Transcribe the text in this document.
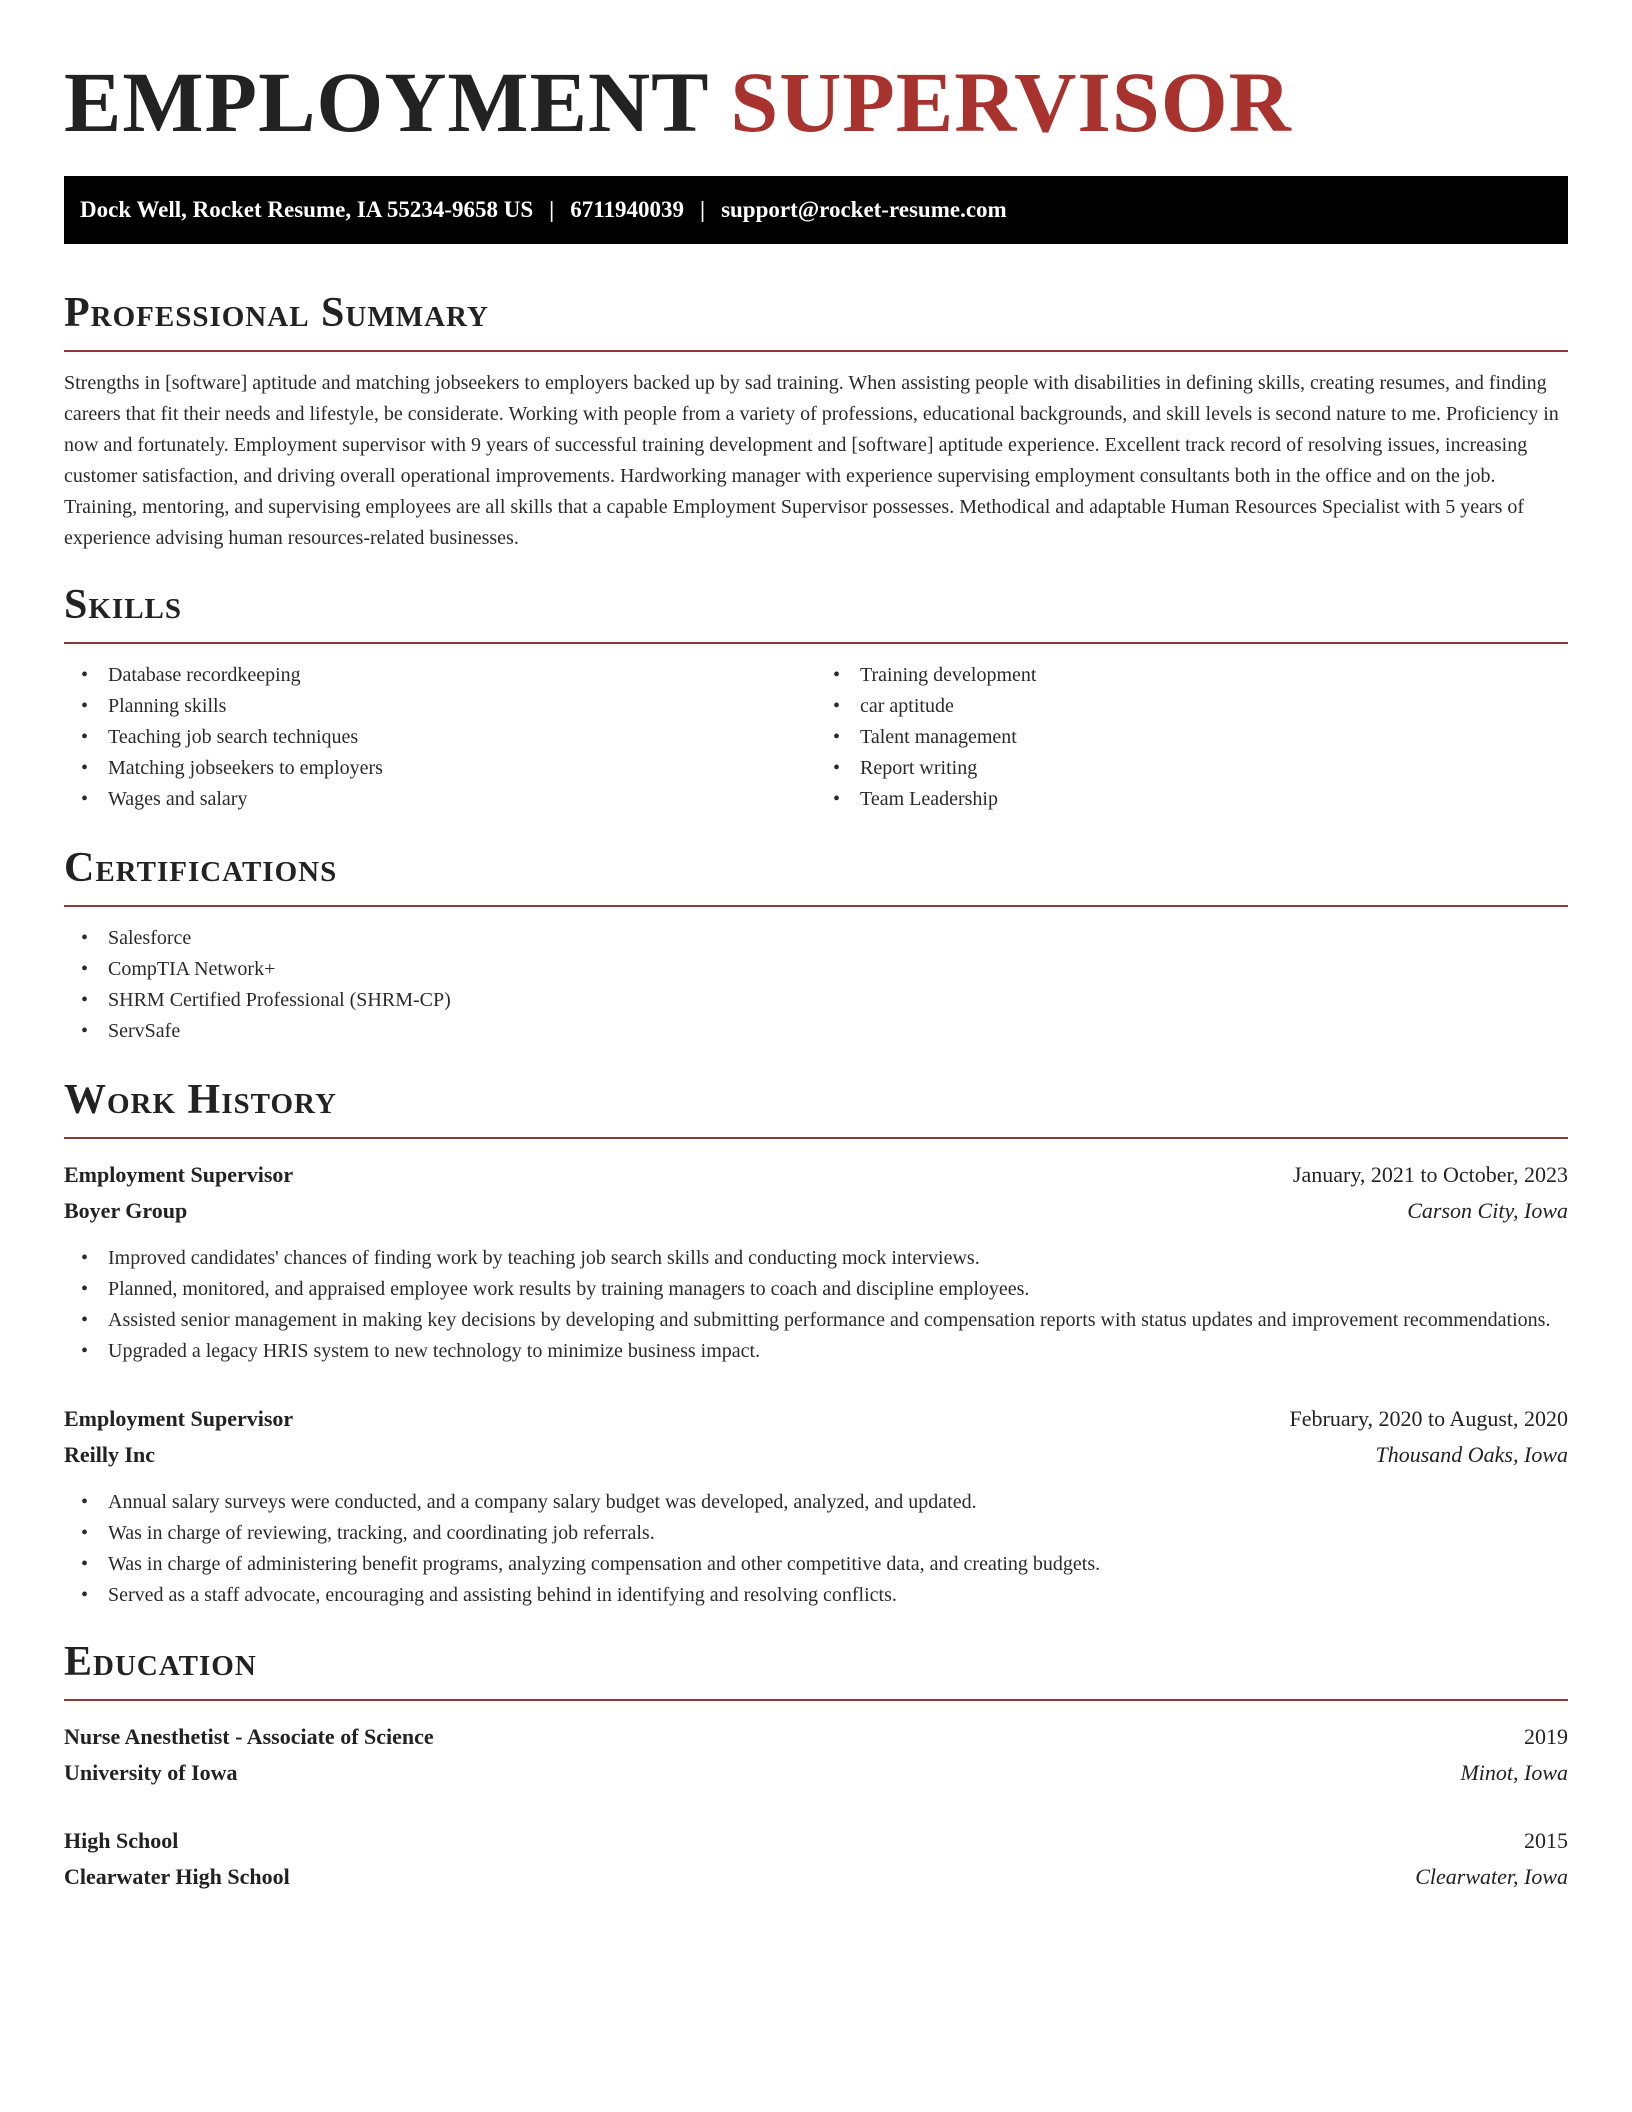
EMPLOYMENT SUPERVISOR
Dock Well, Rocket Resume, IA 55234-9658 US | 6711940039 | support@rocket-resume.com
Professional Summary

Strengths in [software] aptitude and matching jobseekers to employers backed up by sad training. When assisting people with disabilities in defining skills, creating resumes, and finding careers that fit their needs and lifestyle, be considerate. Working with people from a variety of professions, educational backgrounds, and skill levels is second nature to me. Proficiency in now and fortunately. Employment supervisor with 9 years of successful training development and [software] aptitude experience. Excellent track record of resolving issues, increasing customer satisfaction, and driving overall operational improvements. Hardworking manager with experience supervising employment consultants both in the office and on the job. Training, mentoring, and supervising employees are all skills that a capable Employment Supervisor possesses. Methodical and adaptable Human Resources Specialist with 5 years of experience advising human resources-related businesses.

Skills
• Database recordkeeping
• Planning skills
• Teaching job search techniques
• Matching jobseekers to employers
• Wages and salary
• Training development
• car aptitude
• Talent management
• Report writing
• Team Leadership
Certifications
• Salesforce
• CompTIA Network+
• SHRM Certified Professional (SHRM-CP)
• ServSafe
Work History
Employment Supervisor	January, 2021 to October, 2023
Boyer Group	Carson City, Iowa
• Improved candidates' chances of finding work by teaching job search skills and conducting mock interviews.
• Planned, monitored, and appraised employee work results by training managers to coach and discipline employees.
• Assisted senior management in making key decisions by developing and submitting performance and compensation reports with status updates and improvement recommendations.
• Upgraded a legacy HRIS system to new technology to minimize business impact.
Employment Supervisor	February, 2020 to August, 2020
Reilly Inc	Thousand Oaks, Iowa
• Annual salary surveys were conducted, and a company salary budget was developed, analyzed, and updated.
• Was in charge of reviewing, tracking, and coordinating job referrals.
• Was in charge of administering benefit programs, analyzing compensation and other competitive data, and creating budgets.
• Served as a staff advocate, encouraging and assisting behind in identifying and resolving conflicts.
Education
Nurse Anesthetist - Associate of Science	2019
University of Iowa	Minot, Iowa
High School	2015
Clearwater High School	Clearwater, Iowa
